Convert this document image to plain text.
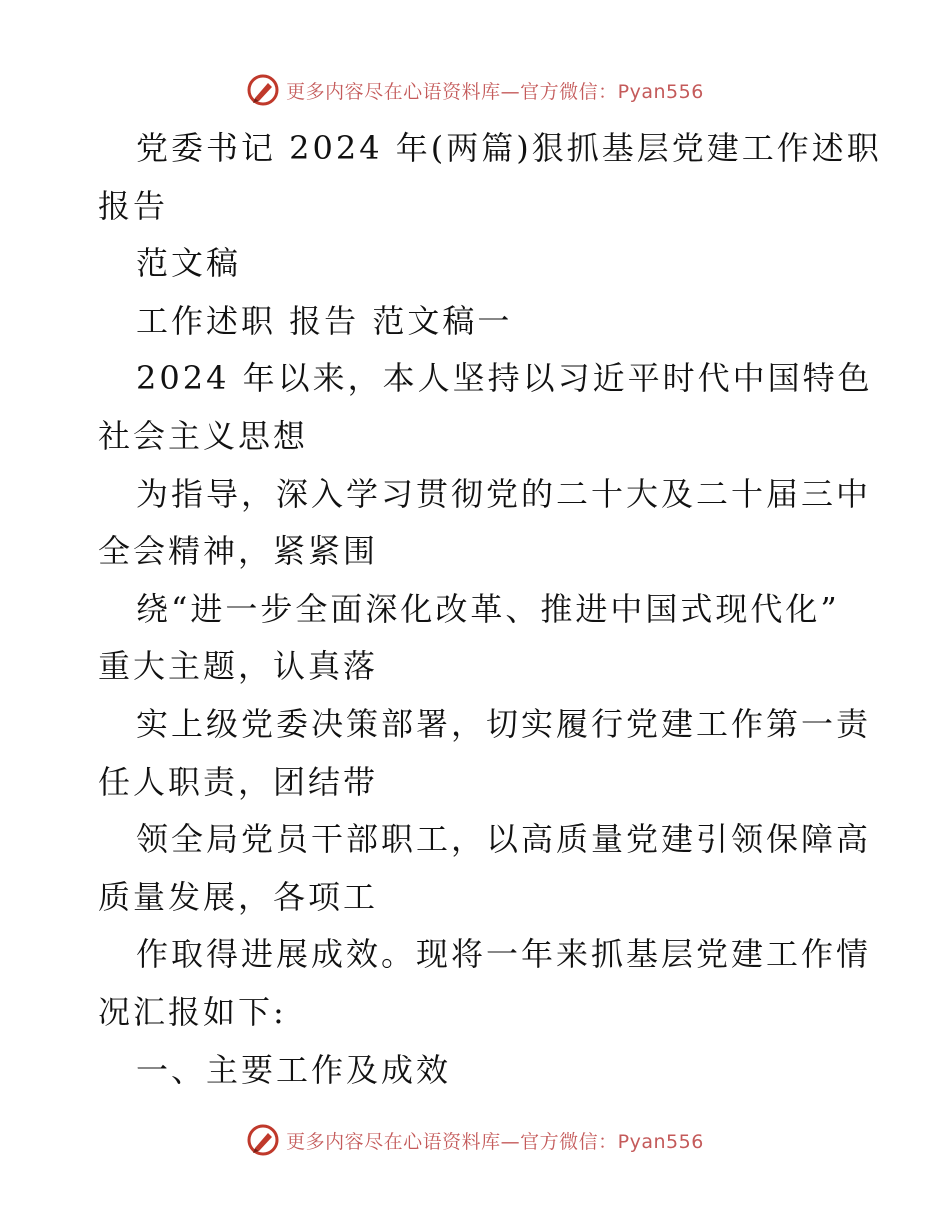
更多内容尽在心语资料库—官方微信：Pyan556
党委书记 2024 年(两篇)狠抓基层党建工作述职
报告
范文稿
工作述职 报告 范文稿一
2024 年以来，本人坚持以习近平时代中国特色
社会主义思想
为指导，深入学习贯彻党的二十大及二十届三中
全会精神，紧紧围
绕“进一步全面深化改革、推进中国式现代化”
重大主题，认真落
实上级党委决策部署，切实履行党建工作第一责
任人职责，团结带
领全局党员干部职工，以高质量党建引领保障高
质量发展，各项工
作取得进展成效。现将一年来抓基层党建工作情
况汇报如下:
一、主要工作及成效
更多内容尽在心语资料库—官方微信：Pyan556
